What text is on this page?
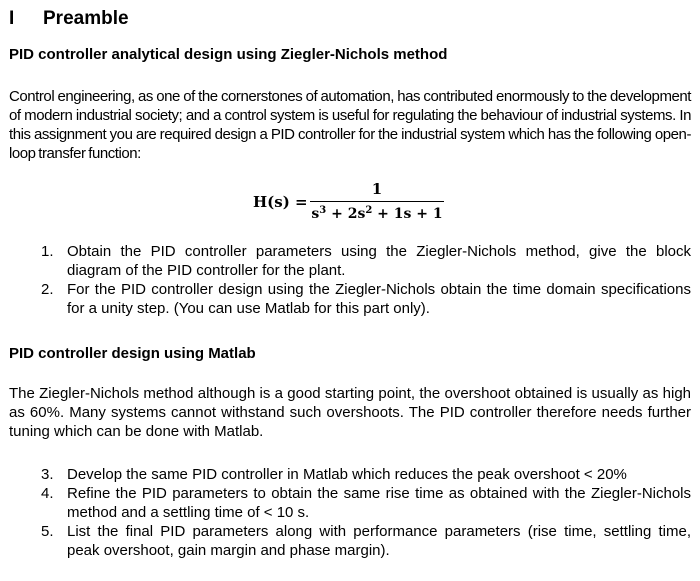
I Preamble
PID controller analytical design using Ziegler-Nichols method

Control engineering, as one of the cornerstones of automation, has contributed enormously to the development of modern industrial society; and a control system is useful for regulating the behaviour of industrial systems. In this assignment you are required design a PID controller for the industrial system which has the following open-loop transfer function:

H(s) =
1
$s^3 + 2s^2 + 1s + 1$
1. Obtain the PID controller parameters using the Ziegler-Nichols method, give the block diagram of the PID controller for the plant.
2. For the PID controller design using the Ziegler-Nichols obtain the time domain specifications for a unity step. (You can use Matlab for this part only).
PID controller design using Matlab

The Ziegler-Nichols method although is a good starting point, the overshoot obtained is usually as high as 60%. Many systems cannot withstand such overshoots. The PID controller therefore needs further tuning which can be done with Matlab.

3. Develop the same PID controller in Matlab which reduces the peak overshoot < 20%
4. Refine the PID parameters to obtain the same rise time as obtained with the Ziegler-Nichols method and a settling time of < 10 s.
5. List the final PID parameters along with performance parameters (rise time, settling time, peak overshoot, gain margin and phase margin).
